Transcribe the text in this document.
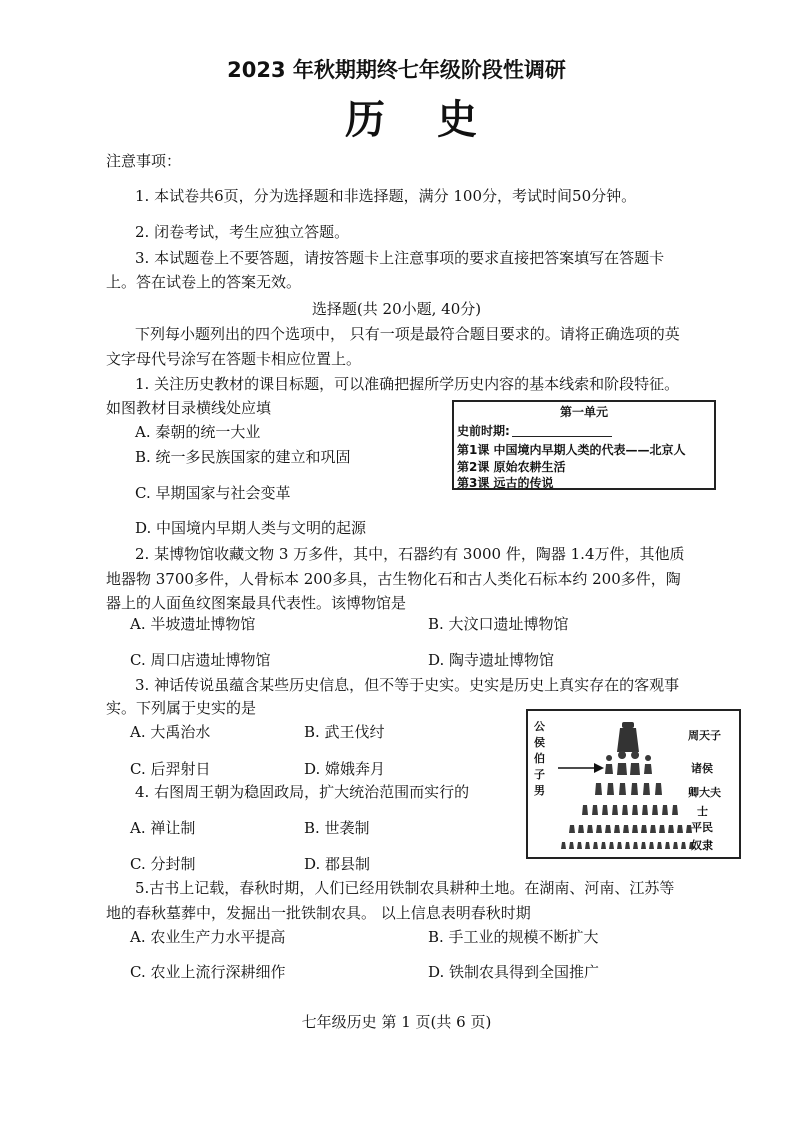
2023 年秋期期终七年级阶段性调研
历史
注意事项：
1. 本试卷共6页，分为选择题和非选择题，满分 100分，考试时间50分钟。
2. 闭卷考试，考生应独立答题。
3. 本试题卷上不要答题，请按答题卡上注意事项的要求直接把答案填写在答题卡
上。答在试卷上的答案无效。
选择题(共 20小题, 40分)
下列每小题列出的四个选项中， 只有一项是最符合题目要求的。请将正确选项的英
文字母代号涂写在答题卡相应位置上。
1. 关注历史教材的课目标题，可以准确把握所学历史内容的基本线索和阶段特征。
如图教材目录横线处应填
A. 秦朝的统一大业
B. 统一多民族国家的建立和巩固
C. 早期国家与社会变革
D. 中国境内早期人类与文明的起源
第一单元
史前时期:
第1课 中国境内早期人类的代表——北京人
第2课 原始农耕生活
第3课 远古的传说
2. 某博物馆收藏文物 3 万多件，其中，石器约有 3000 件，陶器 1.4万件，其他质
地器物 3700多件，人骨标本 200多具，古生物化石和古人类化石标本约 200多件，陶
器上的人面鱼纹图案最具代表性。该博物馆是
A. 半坡遗址博物馆	B. 大汶口遗址博物馆
C. 周口店遗址博物馆	D. 陶寺遗址博物馆
3. 神话传说虽蕴含某些历史信息，但不等于史实。史实是历史上真实存在的客观事
实。下列属于史实的是
A. 大禹治水	B. 武王伐纣
C. 后羿射日	D. 嫦娥奔月
4. 右图周王朝为稳固政局，扩大统治范围而实行的
A. 禅让制	B. 世袭制
C. 分封制	D. 郡县制
公侯伯子男
周天子
诸侯
卿大夫
士
平民
奴隶
5.古书上记载，春秋时期，人们已经用铁制农具耕种土地。在湖南、河南、江苏等
地的春秋墓葬中，发掘出一批铁制农具。 以上信息表明春秋时期
A. 农业生产力水平提高	B. 手工业的规模不断扩大
C. 农业上流行深耕细作	D. 铁制农具得到全国推广
七年级历史 第 1 页(共 6 页)
